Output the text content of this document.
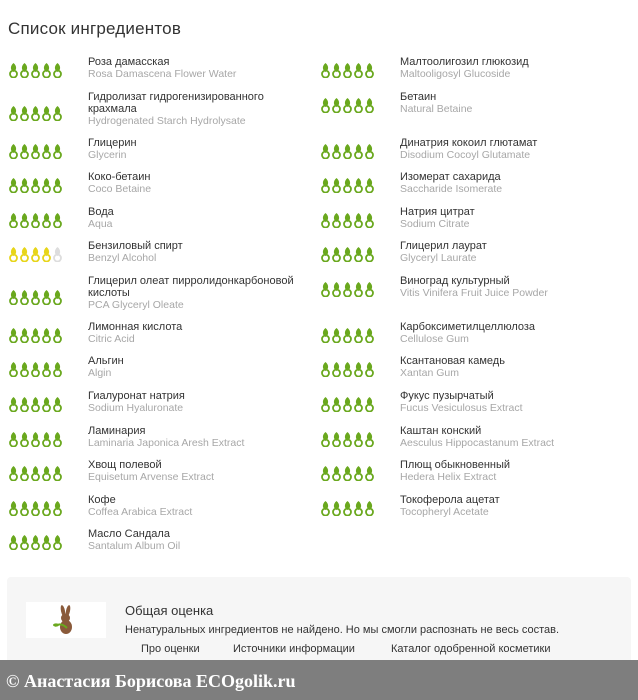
Список ингредиентов
Роза дамасская
Rosa Damascena Flower Water
Гидролизат гидрогенизированного крахмала
Hydrogenated Starch Hydrolysate
Глицерин
Glycerin
Коко-бетаин
Coco Betaine
Вода
Aqua
Бензиловый спирт
Benzyl Alcohol
Глицерил олеат пирролидонкарбоновой кислоты
PCA Glyceryl Oleate
Лимонная кислота
Citric Acid
Альгин
Algin
Гиалуронат натрия
Sodium Hyaluronate
Ламинария
Laminaria Japonica Aresh Extract
Хвощ полевой
Equisetum Arvense Extract
Кофе
Coffea Arabica Extract
Масло Сандала
Santalum Album Oil
Малтоолигозил глюкозид
Maltooligosyl Glucoside
Бетаин
Natural Betaine
Динатрия кокоил глютамат
Disodium Cocoyl Glutamate
Изомерат сахарида
Saccharide Isomerate
Натрия цитрат
Sodium Citrate
Глицерил лаурат
Glyceryl Laurate
Виноград культурный
Vitis Vinifera Fruit Juice Powder
Карбоксиметилцеллюлоза
Cellulose Gum
Ксантановая камедь
Xantan Gum
Фукус пузырчатый
Fucus Vesiculosus Extract
Каштан конский
Aesculus Hippocastanum Extract
Плющ обыкновенный
Hedera Helix Extract
Токоферола ацетат
Tocopheryl Acetate
Общая оценка
Ненатуральных ингредиентов не найдено. Но мы смогли распознать не весь состав.
Про оценки	Источники информации	Каталог одобренной косметики
© Анастасия Борисова ECOgolik.ru
